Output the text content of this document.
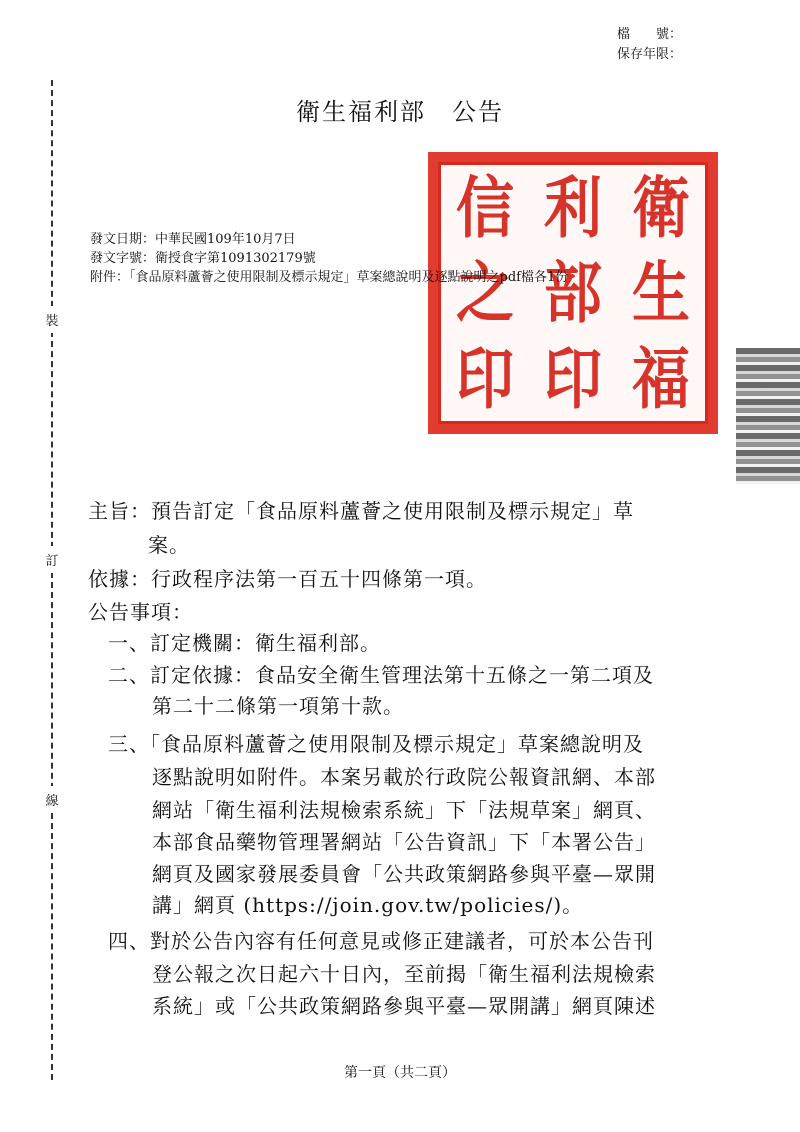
檔　　號：
保存年限：
衛生福利部　公告
裝
訂
線
發文日期：中華民國109年10月7日
發文字號：衛授食字第1091302179號
衛
生
福
利
部
印
信
之
印
附件：「食品原料蘆薈之使用限制及標示規定」草案總說明及逐點說明之pdf檔各1份
主旨：預告訂定「食品原料蘆薈之使用限制及標示規定」草
案。
依據：行政程序法第一百五十四條第一項。
公告事項：
一、訂定機關：衛生福利部。
二、訂定依據：食品安全衛生管理法第十五條之一第二項及
第二十二條第一項第十款。
三、「食品原料蘆薈之使用限制及標示規定」草案總說明及
逐點說明如附件。本案另載於行政院公報資訊網、本部
網站「衛生福利法規檢索系統」下「法規草案」網頁、
本部食品藥物管理署網站「公告資訊」下「本署公告」
網頁及國家發展委員會「公共政策網路參與平臺—眾開
講」網頁 (https://join.gov.tw/policies/)。
四、對於公告內容有任何意見或修正建議者，可於本公告刊
登公報之次日起六十日內，至前揭「衛生福利法規檢索
系統」或「公共政策網路參與平臺—眾開講」網頁陳述
第一頁（共二頁）
